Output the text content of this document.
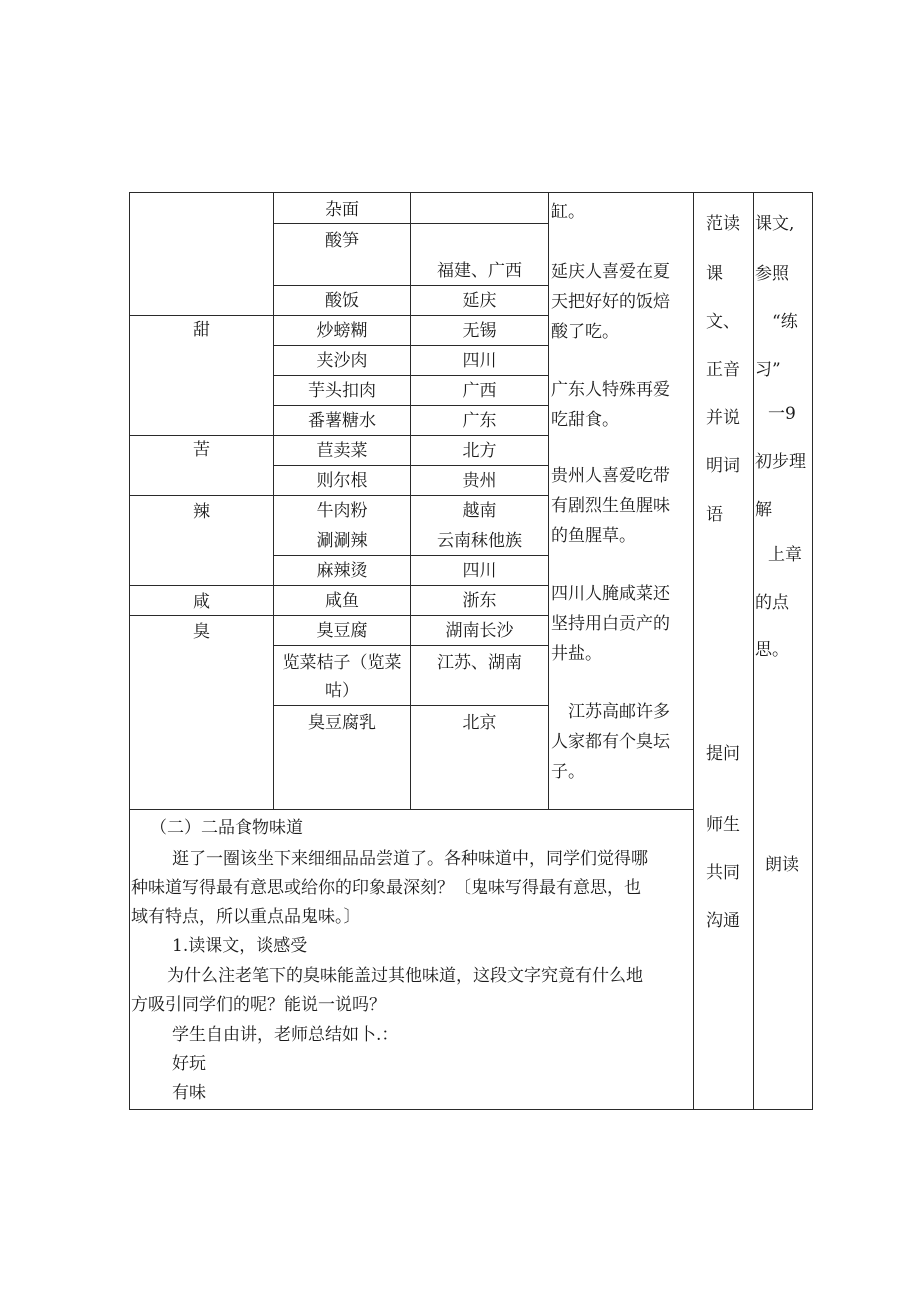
甜
苦
辣
咸
臭
杂面
酸笋
酸饭
炒螃糊
夹沙肉
芋头扣肉
番薯糖水
苣卖菜
则尔根
牛肉粉
涮涮辣
麻辣烫
咸鱼
臭豆腐
览菜桔子（览菜
咕）
臭豆腐乳
福建、广西
延庆
无锡
四川
广西
广东
北方
贵州
越南
云南秣他族
四川
浙东
湖南长沙
江苏、湖南
北京
缸。
延庆人喜爱在夏
天把好好的饭焙
酸了吃。
广东人特殊再爱
吃甜食。
贵州人喜爱吃带
有剧烈生鱼腥味
的鱼腥草。
四川人腌咸菜还
坚持用白贡产的
井盐。
江苏高邮许多
人家都有个臭坛
子。
范读
课
文、
正音
并说
明词
语
提问
师生
共同
沟通
课文,
参照
“练
习”
一9
初步理
解
上章
的点
思。
朗读
（二）二品食物味道
逛了一圈该坐下来细细品品尝道了。各种味道中，同学们觉得哪
种味道写得最有意思或给你的印象最深刻？〔鬼味写得最有意思，也
域有特点，所以重点品鬼味。〕
1.读课文，谈感受
为什么注老笔下的臭味能盖过其他味道，这段文字究竟有什么地
方吸引同学们的呢？能说一说吗？
学生自由讲，老师总结如卜.：
好玩
有味
